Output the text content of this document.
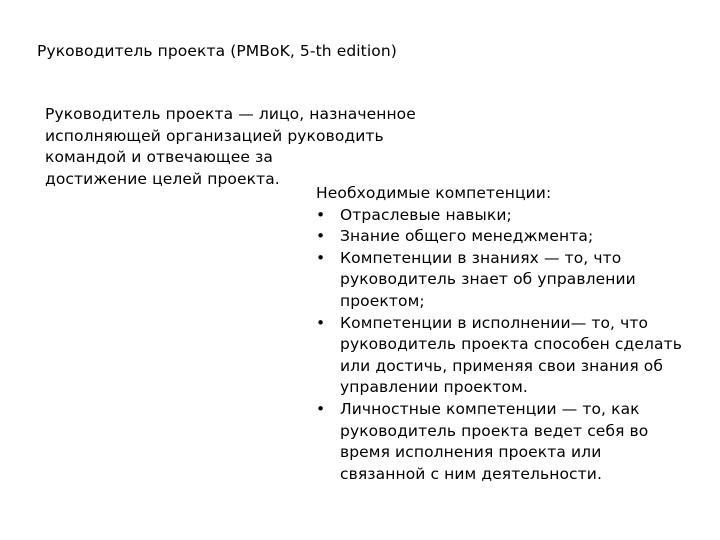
Руководитель проекта (PMBoK, 5-th edition)
Руководитель проекта — лицо, назначенное
исполняющей организацией руководить
командой и отвечающее за
достижение целей проекта.
Необходимые компетенции:
• Отраслевые навыки;
• Знание общего менеджмента;
• Компетенции в знаниях — то, что
руководитель знает об управлении
проектом;
• Компетенции в исполнении— то, что
руководитель проекта способен сделать
или достичь, применяя свои знания об
управлении проектом.
• Личностные компетенции — то, как
руководитель проекта ведет себя во
время исполнения проекта или
связанной с ним деятельности.
